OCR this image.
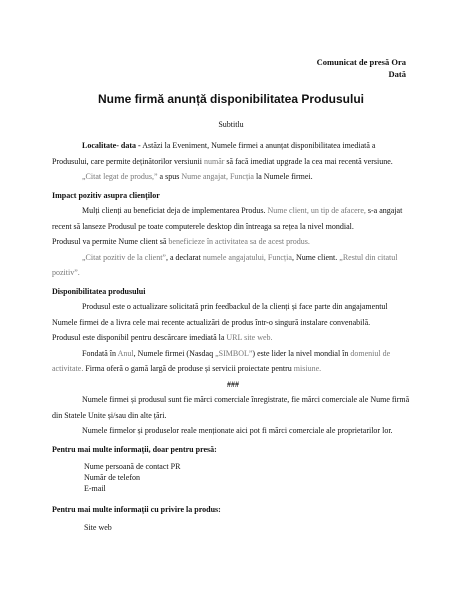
Comunicat de presă Ora
Dată
Nume firmă anunță disponibilitatea Produsului
Subtitlu

Localitate- data - Astăzi la Eveniment, Numele firmei a anunțat disponibilitatea imediată a Produsului, care permite deținătorilor versiunii număr să facă imediat upgrade la cea mai recentă versiune.

„Citat legat de produs,” a spus Nume angajat, Funcția la Numele firmei.

Impact pozitiv asupra clienților

Mulți clienți au beneficiat deja de implementarea Produs. Nume client, un tip de afacere, s-a angajat recent să lanseze Produsul pe toate computerele desktop din întreaga sa rețea la nivel mondial.

Produsul va permite Nume client să beneficieze în activitatea sa de acest produs.

„Citat pozitiv de la client”, a declarat numele angajatului, Funcția, Nume client. „Restul din citatul pozitiv”.

Disponibilitatea produsului

Produsul este o actualizare solicitată prin feedbackul de la clienți și face parte din angajamentul Numele firmei de a livra cele mai recente actualizări de produs într-o singură instalare convenabilă.

Produsul este disponibil pentru descărcare imediată la URL site web.

Fondată în Anul, Numele firmei (Nasdaq „SIMBOL”) este lider la nivel mondial în domeniul de activitate. Firma oferă o gamă largă de produse și servicii proiectate pentru misiune.

###

Numele firmei și produsul sunt fie mărci comerciale înregistrate, fie mărci comerciale ale Nume firmă din Statele Unite și/sau din alte țări.

Numele firmelor și produselor reale menționate aici pot fi mărci comerciale ale proprietarilor lor.

Pentru mai multe informații, doar pentru presă:

Nume persoană de contact PR
Număr de telefon
E-mail

Pentru mai multe informații cu privire la produs:

Site web
